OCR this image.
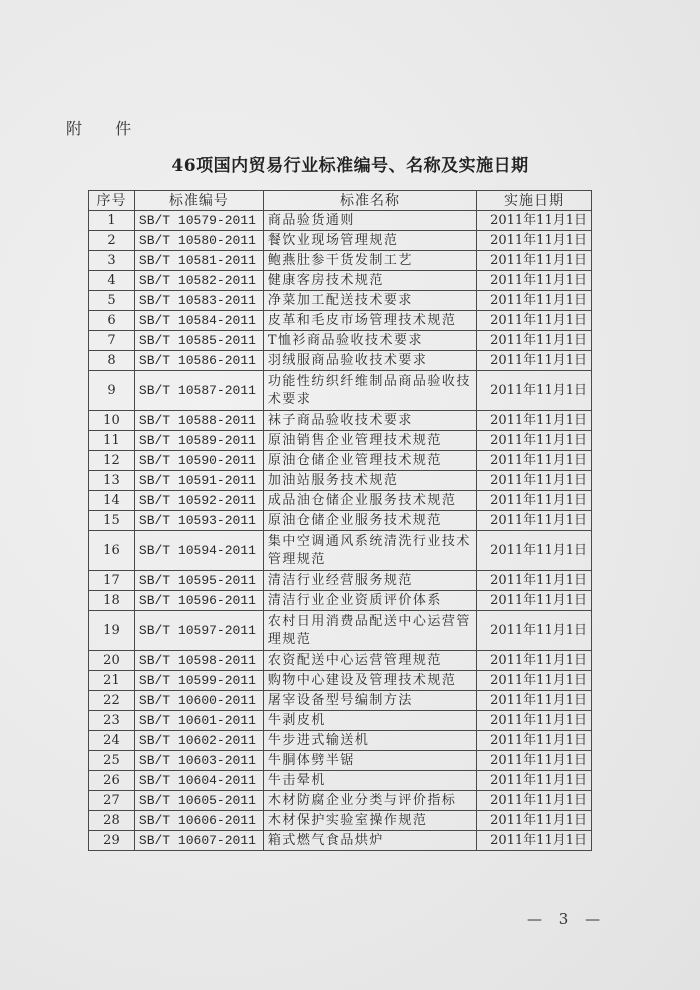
附 件
46项国内贸易行业标准编号、名称及实施日期
序号	标准编号	标准名称	实施日期
1	SB/T 10579-2011	商品验货通则	2011年11月1日
2	SB/T 10580-2011	餐饮业现场管理规范	2011年11月1日
3	SB/T 10581-2011	鲍燕肚参干货发制工艺	2011年11月1日
4	SB/T 10582-2011	健康客房技术规范	2011年11月1日
5	SB/T 10583-2011	净菜加工配送技术要求	2011年11月1日
6	SB/T 10584-2011	皮革和毛皮市场管理技术规范	2011年11月1日
7	SB/T 10585-2011	T恤衫商品验收技术要求	2011年11月1日
8	SB/T 10586-2011	羽绒服商品验收技术要求	2011年11月1日
9	SB/T 10587-2011	功能性纺织纤维制品商品验收技术要求	2011年11月1日
10	SB/T 10588-2011	袜子商品验收技术要求	2011年11月1日
11	SB/T 10589-2011	原油销售企业管理技术规范	2011年11月1日
12	SB/T 10590-2011	原油仓储企业管理技术规范	2011年11月1日
13	SB/T 10591-2011	加油站服务技术规范	2011年11月1日
14	SB/T 10592-2011	成品油仓储企业服务技术规范	2011年11月1日
15	SB/T 10593-2011	原油仓储企业服务技术规范	2011年11月1日
16	SB/T 10594-2011	集中空调通风系统清洗行业技术管理规范	2011年11月1日
17	SB/T 10595-2011	清洁行业经营服务规范	2011年11月1日
18	SB/T 10596-2011	清洁行业企业资质评价体系	2011年11月1日
19	SB/T 10597-2011	农村日用消费品配送中心运营管理规范	2011年11月1日
20	SB/T 10598-2011	农资配送中心运营管理规范	2011年11月1日
21	SB/T 10599-2011	购物中心建设及管理技术规范	2011年11月1日
22	SB/T 10600-2011	屠宰设备型号编制方法	2011年11月1日
23	SB/T 10601-2011	牛剥皮机	2011年11月1日
24	SB/T 10602-2011	牛步进式输送机	2011年11月1日
25	SB/T 10603-2011	牛胴体劈半锯	2011年11月1日
26	SB/T 10604-2011	牛击晕机	2011年11月1日
27	SB/T 10605-2011	木材防腐企业分类与评价指标	2011年11月1日
28	SB/T 10606-2011	木材保护实验室操作规范	2011年11月1日
29	SB/T 10607-2011	箱式燃气食品烘炉	2011年11月1日
— 3 —
